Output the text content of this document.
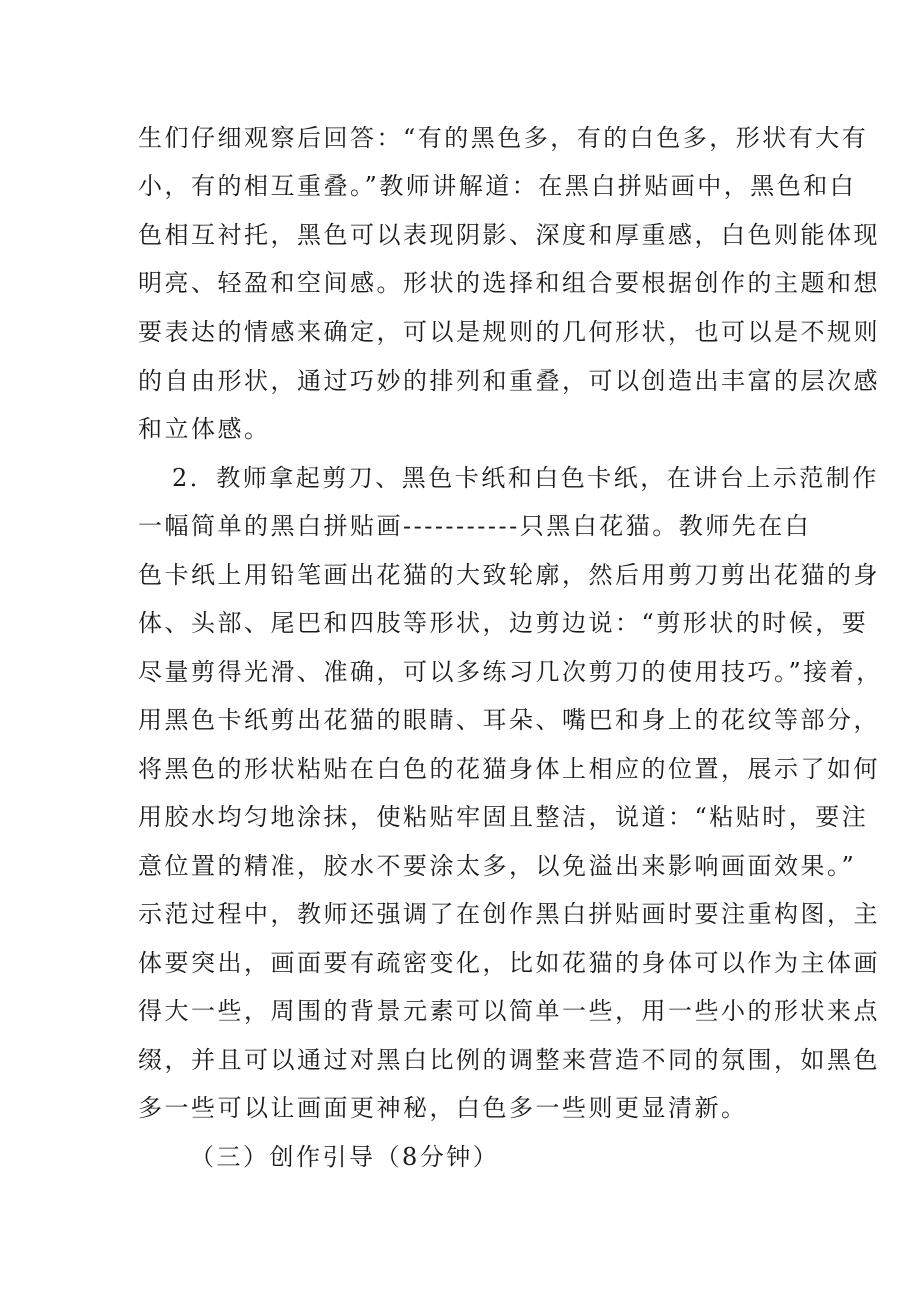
生们仔细观察后回答：“有的黑色多，有的白色多，形状有大有
小，有的相互重叠。”教师讲解道：在黑白拼贴画中，黑色和白
色相互衬托，黑色可以表现阴影、深度和厚重感，白色则能体现
明亮、轻盈和空间感。形状的选择和组合要根据创作的主题和想
要表达的情感来确定，可以是规则的几何形状，也可以是不规则
的自由形状，通过巧妙的排列和重叠，可以创造出丰富的层次感
和立体感。
2．教师拿起剪刀、黑色卡纸和白色卡纸，在讲台上示范制作
一幅简单的黑白拼贴画-----------只黑白花猫。教师先在白
色卡纸上用铅笔画出花猫的大致轮廓，然后用剪刀剪出花猫的身
体、头部、尾巴和四肢等形状，边剪边说：“剪形状的时候，要
尽量剪得光滑、准确，可以多练习几次剪刀的使用技巧。”接着，
用黑色卡纸剪出花猫的眼睛、耳朵、嘴巴和身上的花纹等部分，
将黑色的形状粘贴在白色的花猫身体上相应的位置，展示了如何
用胶水均匀地涂抹，使粘贴牢固且整洁，说道：“粘贴时，要注
意位置的精准，胶水不要涂太多，以免溢出来影响画面效果。”
示范过程中，教师还强调了在创作黑白拼贴画时要注重构图，主
体要突出，画面要有疏密变化，比如花猫的身体可以作为主体画
得大一些，周围的背景元素可以简单一些，用一些小的形状来点
缀，并且可以通过对黑白比例的调整来营造不同的氛围，如黑色
多一些可以让画面更神秘，白色多一些则更显清新。
（三）创作引导（8分钟）
